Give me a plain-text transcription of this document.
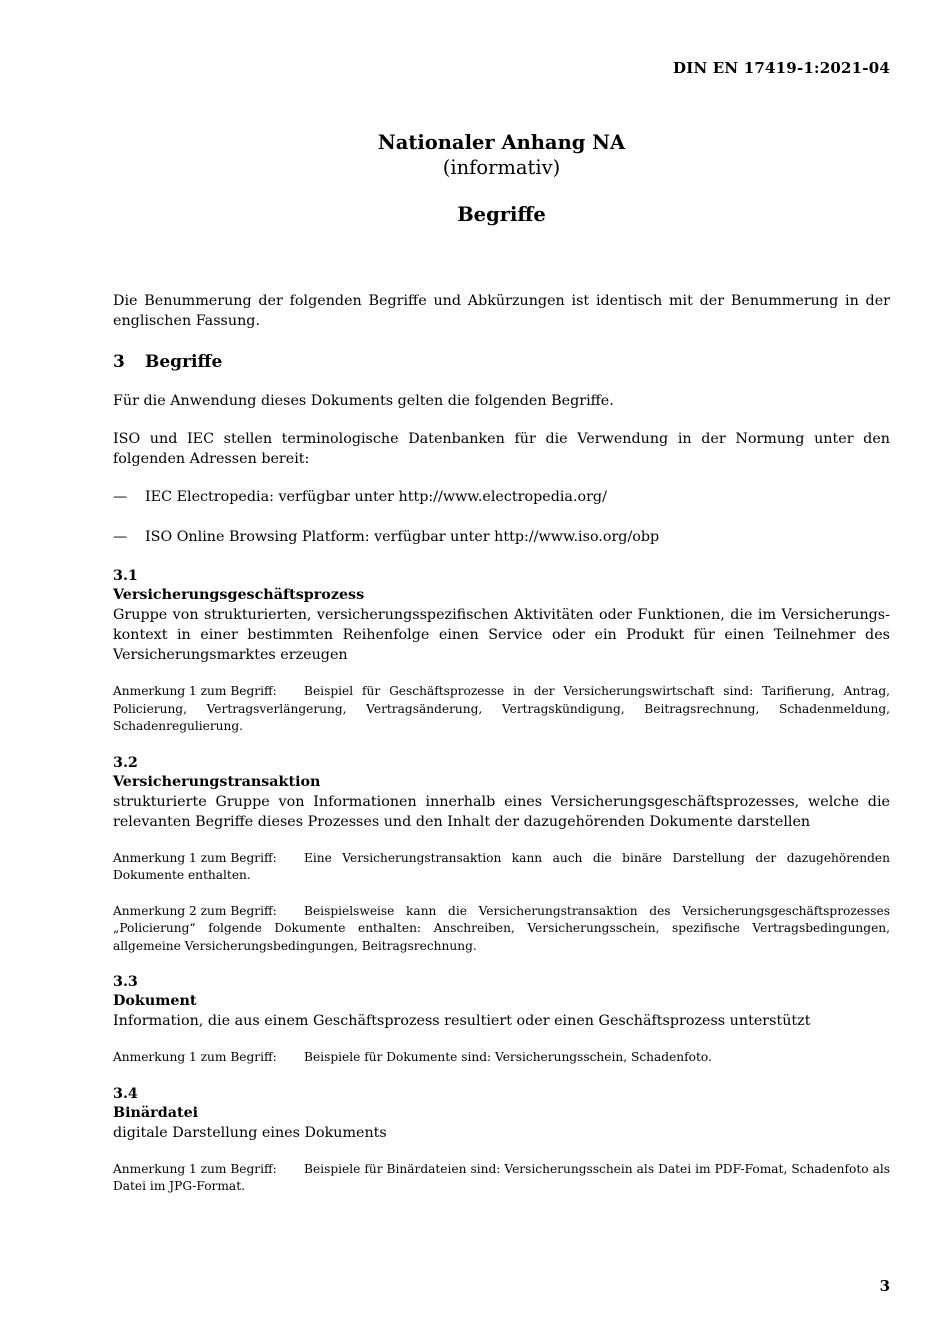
DIN EN 17419-1:2021-04
Nationaler Anhang NA
(informativ)
Begriffe

Die Benummerung der folgenden Begriffe und Abkürzungen ist identisch mit der Benummerung in der englischen Fassung.

3	Begriffe

Für die Anwendung dieses Dokuments gelten die folgenden Begriffe.

ISO und IEC stellen terminologische Datenbanken für die Verwendung in der Normung unter den folgenden Adressen bereit:

—	IEC Electropedia: verfügbar unter http://www.electropedia.org/
—	ISO Online Browsing Platform: verfügbar unter http://www.iso.org/obp
3.1
Versicherungsgeschäftsprozess

Gruppe von strukturierten, versicherungsspezifischen Aktivitäten oder Funktionen, die im Versicherungskontext in einer bestimmten Reihenfolge einen Service oder ein Produkt für einen Teilnehmer des Versicherungsmarktes erzeugen

Anmerkung 1 zum Begriff: Beispiel für Geschäftsprozesse in der Versicherungswirtschaft sind: Tarifierung, Antrag, Policierung, Vertragsverlängerung, Vertragsänderung, Vertragskündigung, Beitragsrechnung, Schadenmeldung, Schadenregulierung.

3.2
Versicherungstransaktion

strukturierte Gruppe von Informationen innerhalb eines Versicherungsgeschäftsprozesses, welche die relevanten Begriffe dieses Prozesses und den Inhalt der dazugehörenden Dokumente darstellen

Anmerkung 1 zum Begriff: Eine Versicherungstransaktion kann auch die binäre Darstellung der dazugehörenden Dokumente enthalten.

Anmerkung 2 zum Begriff: Beispielsweise kann die Versicherungstransaktion des Versicherungsgeschäftsprozesses „Policierung“ folgende Dokumente enthalten: Anschreiben, Versicherungsschein, spezifische Vertragsbedingungen, allgemeine Versicherungsbedingungen, Beitragsrechnung.

3.3
Dokument

Information, die aus einem Geschäftsprozess resultiert oder einen Geschäftsprozess unterstützt

Anmerkung 1 zum Begriff: Beispiele für Dokumente sind: Versicherungsschein, Schadenfoto.

3.4
Binärdatei

digitale Darstellung eines Dokuments

Anmerkung 1 zum Begriff: Beispiele für Binärdateien sind: Versicherungsschein als Datei im PDF-Fomat, Schadenfoto als Datei im JPG-Format.

3
